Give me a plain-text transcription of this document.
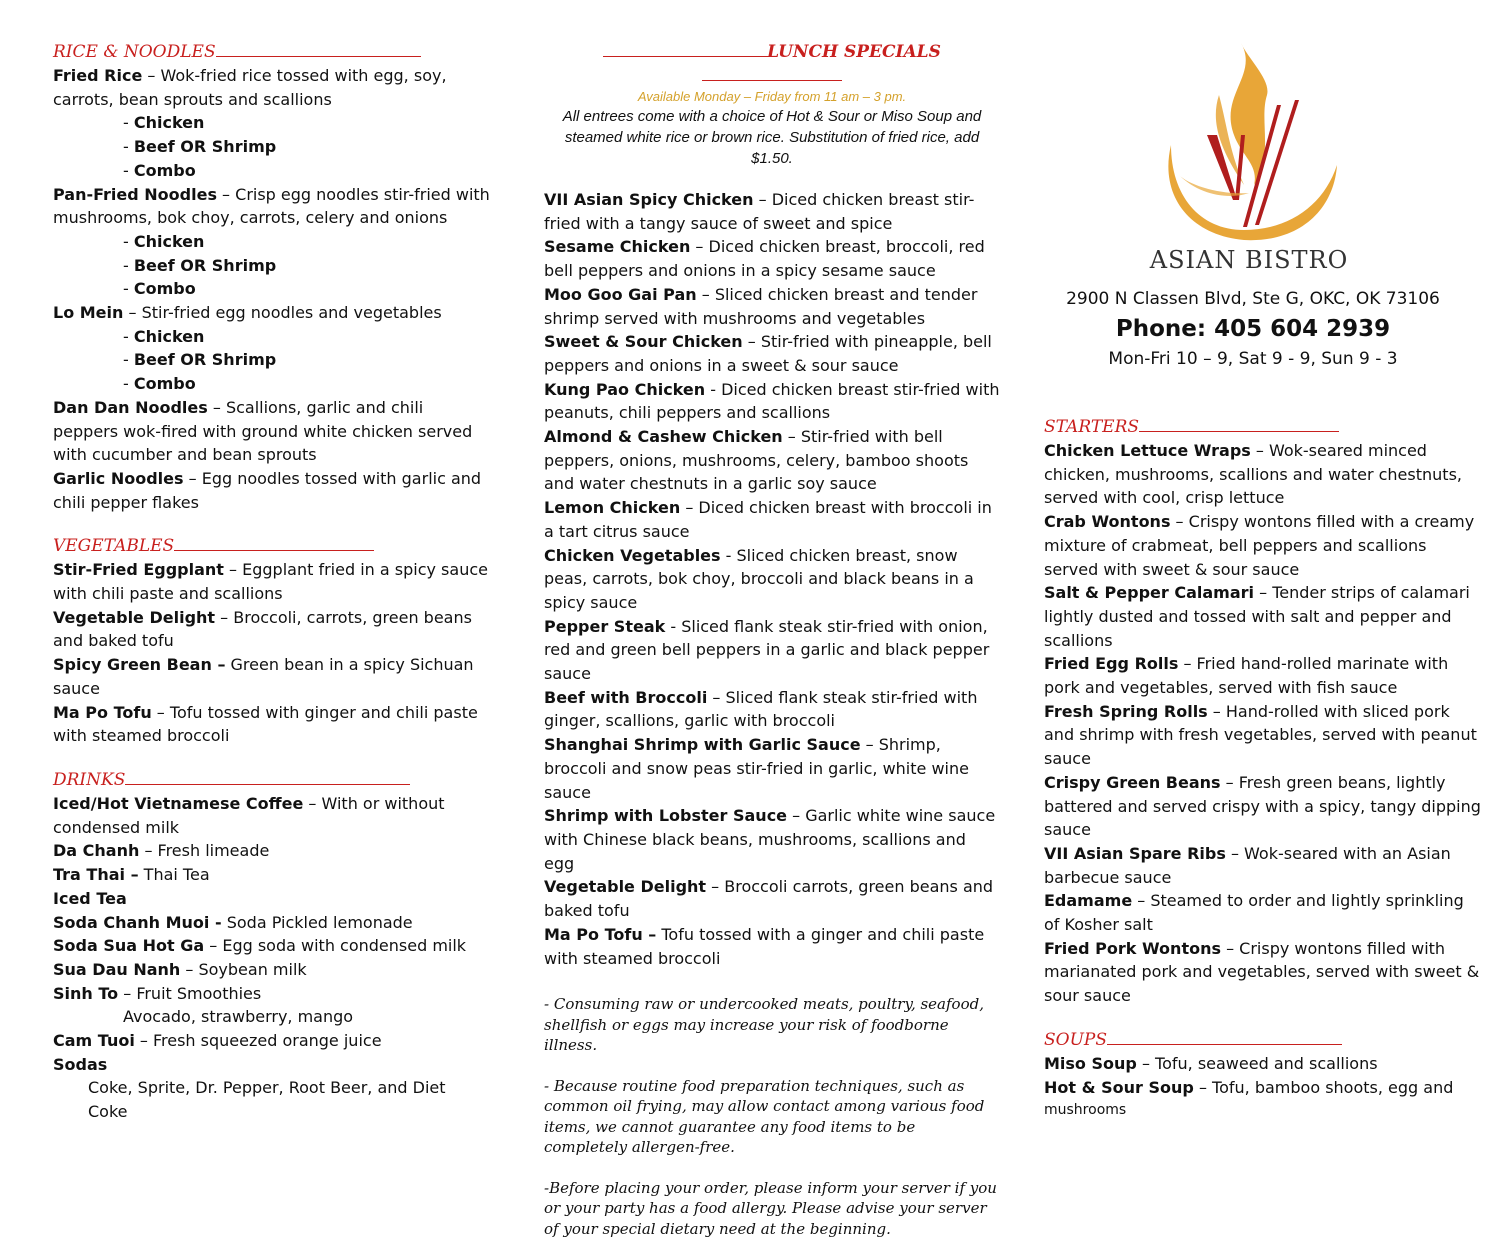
RICE & NOODLES
Fried Rice – Wok-fried rice tossed with egg, soy, carrots, bean sprouts and scallions
- Chicken
- Beef OR Shrimp
- Combo
Pan-Fried Noodles – Crisp egg noodles stir-fried with mushrooms, bok choy, carrots, celery and onions
- Chicken
- Beef OR Shrimp
- Combo
Lo Mein – Stir-fried egg noodles and vegetables
- Chicken
- Beef OR Shrimp
- Combo
Dan Dan Noodles – Scallions, garlic and chili peppers wok-fired with ground white chicken served with cucumber and bean sprouts
Garlic Noodles – Egg noodles tossed with garlic and chili pepper flakes
VEGETABLES
Stir-Fried Eggplant – Eggplant fried in a spicy sauce with chili paste and scallions
Vegetable Delight – Broccoli, carrots, green beans and baked tofu
Spicy Green Bean – Green bean in a spicy Sichuan sauce
Ma Po Tofu – Tofu tossed with ginger and chili paste with steamed broccoli
DRINKS
Iced/Hot Vietnamese Coffee – With or without condensed milk
Da Chanh – Fresh limeade
Tra Thai – Thai Tea
Iced Tea
Soda Chanh Muoi - Soda Pickled lemonade
Soda Sua Hot Ga – Egg soda with condensed milk
Sua Dau Nanh – Soybean milk
Sinh To – Fruit Smoothies
Avocado, strawberry, mango
Cam Tuoi – Fresh squeezed orange juice
Sodas
Coke, Sprite, Dr. Pepper, Root Beer, and Diet Coke
LUNCH SPECIALS
Available Monday – Friday from 11 am – 3 pm.
All entrees come with a choice of Hot & Sour or Miso Soup and steamed white rice or brown rice. Substitution of fried rice, add $1.50.
VII Asian Spicy Chicken – Diced chicken breast stir-fried with a tangy sauce of sweet and spice
Sesame Chicken – Diced chicken breast, broccoli, red bell peppers and onions in a spicy sesame sauce
Moo Goo Gai Pan – Sliced chicken breast and tender shrimp served with mushrooms and vegetables
Sweet & Sour Chicken – Stir-fried with pineapple, bell peppers and onions in a sweet & sour sauce
Kung Pao Chicken - Diced chicken breast stir-fried with peanuts, chili peppers and scallions
Almond & Cashew Chicken – Stir-fried with bell peppers, onions, mushrooms, celery, bamboo shoots and water chestnuts in a garlic soy sauce
Lemon Chicken – Diced chicken breast with broccoli in a tart citrus sauce
Chicken Vegetables - Sliced chicken breast, snow peas, carrots, bok choy, broccoli and black beans in a spicy sauce
Pepper Steak - Sliced flank steak stir-fried with onion, red and green bell peppers in a garlic and black pepper sauce
Beef with Broccoli – Sliced flank steak stir-fried with ginger, scallions, garlic with broccoli
Shanghai Shrimp with Garlic Sauce – Shrimp, broccoli and snow peas stir-fried in garlic, white wine sauce
Shrimp with Lobster Sauce – Garlic white wine sauce with Chinese black beans, mushrooms, scallions and egg
Vegetable Delight – Broccoli carrots, green beans and baked tofu
Ma Po Tofu – Tofu tossed with a ginger and chili paste with steamed broccoli
- Consuming raw or undercooked meats, poultry, seafood, shellfish or eggs may increase your risk of foodborne illness.
- Because routine food preparation techniques, such as common oil frying, may allow contact among various food items, we cannot guarantee any food items to be completely allergen-free.
-Before placing your order, please inform your server if you or your party has a food allergy. Please advise your server of your special dietary need at the beginning.
ASIAN BISTRO
2900 N Classen Blvd, Ste G, OKC, OK 73106
Phone: 405 604 2939
Mon-Fri 10 – 9, Sat 9 - 9, Sun 9 - 3
STARTERS
Chicken Lettuce Wraps – Wok-seared minced chicken, mushrooms, scallions and water chestnuts, served with cool, crisp lettuce
Crab Wontons – Crispy wontons filled with a creamy mixture of crabmeat, bell peppers and scallions served with sweet & sour sauce
Salt & Pepper Calamari – Tender strips of calamari lightly dusted and tossed with salt and pepper and scallions
Fried Egg Rolls – Fried hand-rolled marinate with pork and vegetables, served with fish sauce
Fresh Spring Rolls – Hand-rolled with sliced pork and shrimp with fresh vegetables, served with peanut sauce
Crispy Green Beans – Fresh green beans, lightly battered and served crispy with a spicy, tangy dipping sauce
VII Asian Spare Ribs – Wok-seared with an Asian barbecue sauce
Edamame – Steamed to order and lightly sprinkling of Kosher salt
Fried Pork Wontons – Crispy wontons filled with marianated pork and vegetables, served with sweet & sour sauce
SOUPS
Miso Soup – Tofu, seaweed and scallions
Hot & Sour Soup – Tofu, bamboo shoots, egg and
mushrooms
